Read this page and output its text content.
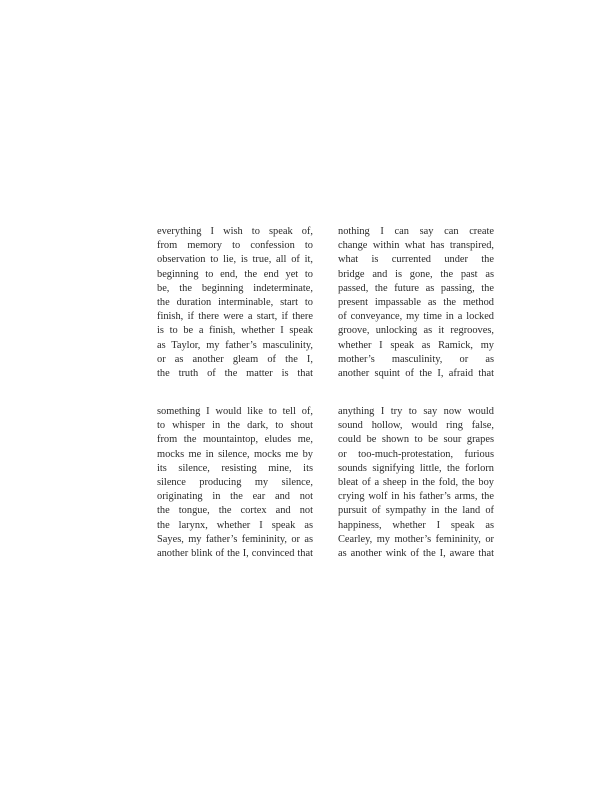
everything I wish to speak of,
from memory to confession to
observation to lie, is true, all of it,
beginning to end, the end yet to
be, the beginning indeterminate,
the duration interminable, start to
finish, if there were a start, if there
is to be a finish, whether I speak
as Taylor, my father’s masculinity,
or as another gleam of the I,
the truth of the matter is that
nothing I can say can create
change within what has transpired,
what is currented under the
bridge and is gone, the past as
passed, the future as passing, the
present impassable as the method
of conveyance, my time in a locked
groove, unlocking as it regrooves,
whether I speak as Ramick, my
mother’s masculinity, or as
another squint of the I, afraid that
something I would like to tell of,
to whisper in the dark, to shout
from the mountaintop, eludes me,
mocks me in silence, mocks me by
its silence, resisting mine, its
silence producing my silence,
originating in the ear and not
the tongue, the cortex and not
the larynx, whether I speak as
Sayes, my father’s femininity, or as
another blink of the I, convinced that
anything I try to say now would
sound hollow, would ring false,
could be shown to be sour grapes
or too-much-protestation, furious
sounds signifying little, the forlorn
bleat of a sheep in the fold, the boy
crying wolf in his father’s arms, the
pursuit of sympathy in the land of
happiness, whether I speak as
Cearley, my mother’s femininity, or
as another wink of the I, aware that
